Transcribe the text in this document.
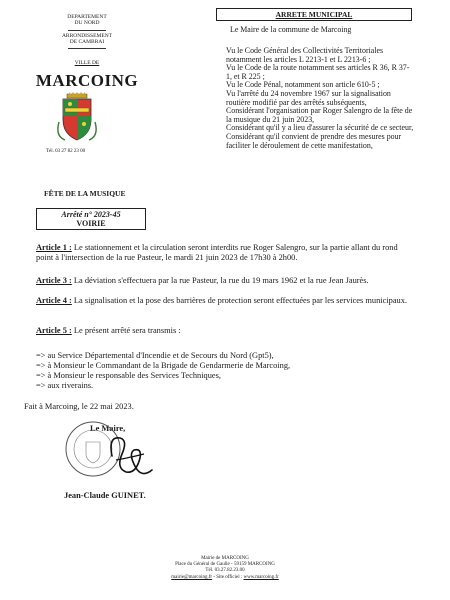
DEPARTEMENT
DU NORD
ARRONDISSEMENT
DE CAMBRAI
VILLE DE
MARCOING
Tél. 03 27 82 23 00
ARRETE MUNICIPAL
Le Maire de la commune de Marcoing
Vu le Code Général des Collectivités Territoriales notamment les articles L 2213-1 et L 2213-6 ;
Vu le Code de la route notamment ses articles R 36, R 37-1, et R 225 ;
Vu le Code Pénal, notamment son article 610-5 ;
Vu l'arrêté du 24 novembre 1967 sur la signalisation routière modifié par des arrêtés subséquents,
Considérant l'organisation par Roger Salengro de la fête de la musique du 21 juin 2023,
Considérant qu'il y a lieu d'assurer la sécurité de ce secteur,
Considérant qu'il convient de prendre des mesures pour faciliter le déroulement de cette manifestation,
FÊTE DE LA MUSIQUE
Arrêté n° 2023-45
VOIRIE
Article 1 : Le stationnement et la circulation seront interdits rue Roger Salengro, sur la partie allant du rond point à l'intersection de la rue Pasteur, le mardi 21 juin 2023 de 17h30 à 2h00.
Article 3 : La déviation s'effectuera par la rue Pasteur, la rue du 19 mars 1962 et la rue Jean Jaurès.
Article 4 : La signalisation et la pose des barrières de protection seront effectuées par les services municipaux.
Article 5 : Le présent arrêté sera transmis :
=> au Service Départemental d'Incendie et de Secours du Nord (Gpt5),
=> à Monsieur le Commandant de la Brigade de Gendarmerie de Marcoing,
=> à Monsieur le responsable des Services Techniques,
=> aux riverains.
Fait à Marcoing, le 22 mai 2023.
Le Maire,
Jean-Claude GUINET.
Mairie de MARCOING
Place du Général de Gaulle - 59159 MARCOING
Tél. 03.27.82.23.00
mairie@marcoing.fr - Site officiel : www.marcoing.fr
